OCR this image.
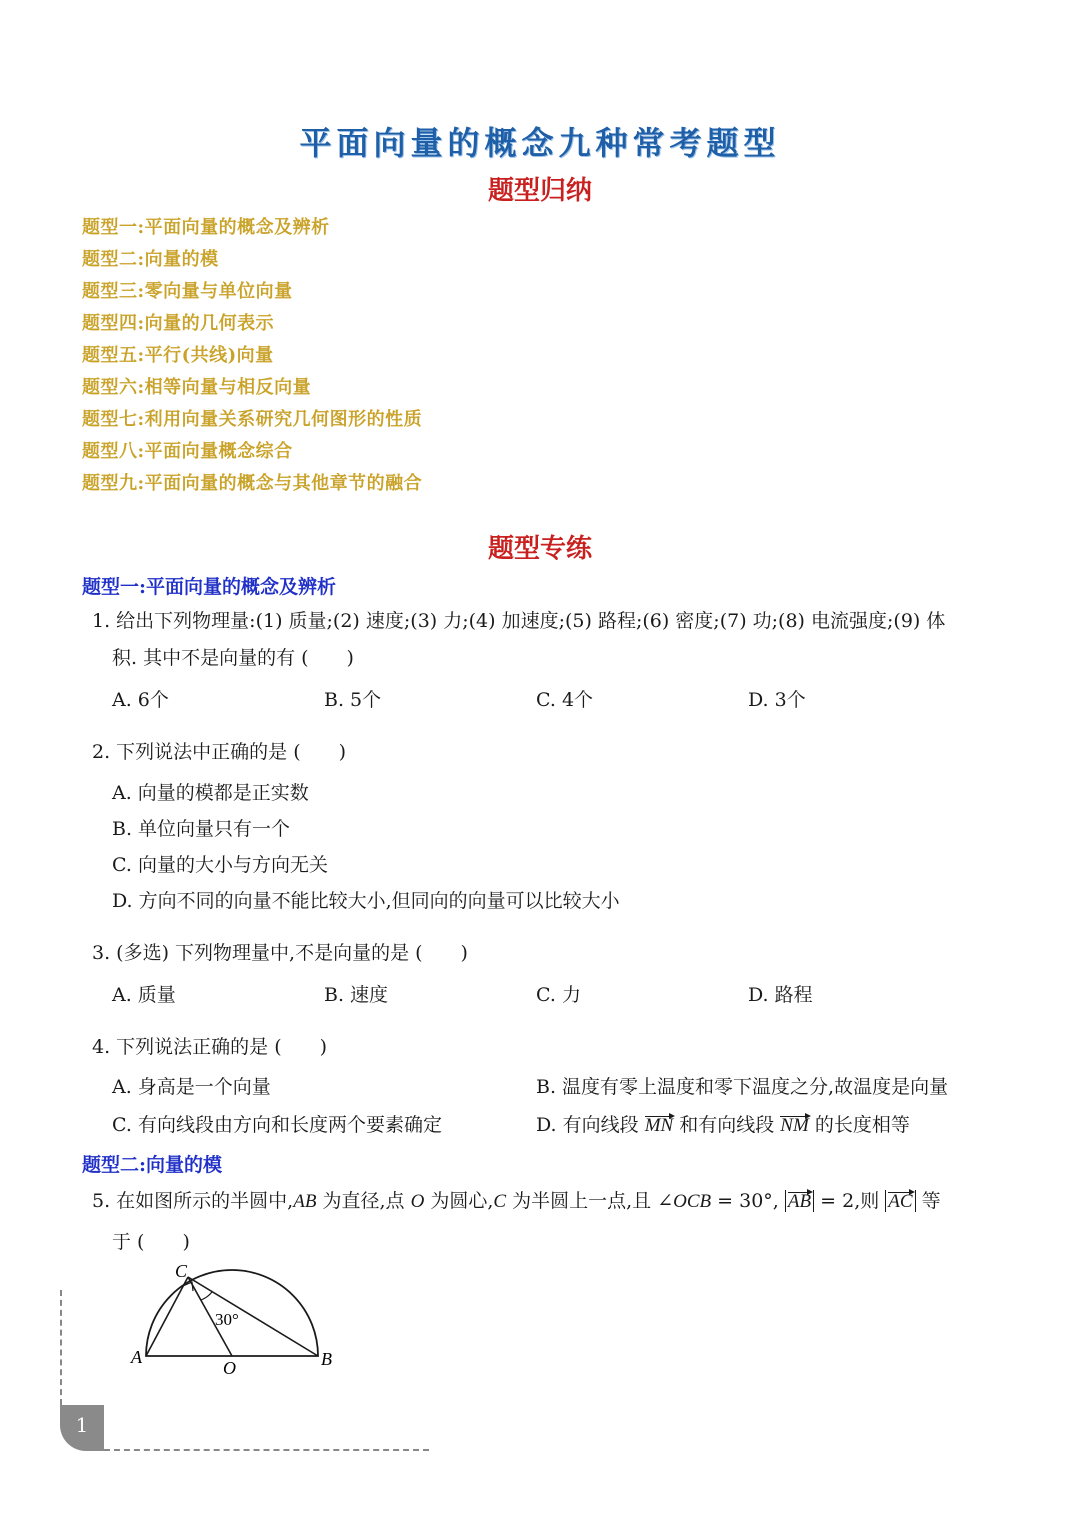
平面向量的概念九种常考题型
题型归纳
题型一:平面向量的概念及辨析
题型二:向量的模
题型三:零向量与单位向量
题型四:向量的几何表示
题型五:平行(共线)向量
题型六:相等向量与相反向量
题型七:利用向量关系研究几何图形的性质
题型八:平面向量概念综合
题型九:平面向量的概念与其他章节的融合
题型专练
题型一:平面向量的概念及辨析
1. 给出下列物理量:(1) 质量;(2) 速度;(3) 力;(4) 加速度;(5) 路程;(6) 密度;(7) 功;(8) 电流强度;(9) 体
积. 其中不是向量的有 (　　)
A. 6个	B. 5个	C. 4个	D. 3个
2. 下列说法中正确的是 (　　)
A. 向量的模都是正实数
B. 单位向量只有一个
C. 向量的大小与方向无关
D. 方向不同的向量不能比较大小,但同向的向量可以比较大小
3. (多选) 下列物理量中,不是向量的是 (　　)
A. 质量	B. 速度	C. 力	D. 路程
4. 下列说法正确的是 (　　)
A. 身高是一个向量	B. 温度有零上温度和零下温度之分,故温度是向量
C. 有向线段由方向和长度两个要素确定	D. 有向线段 MN 和有向线段 NM 的长度相等
题型二:向量的模
5. 在如图所示的半圆中,AB 为直径,点 O 为圆心,C 为半圆上一点,且 ∠OCB = 30°, AB = 2,则 AC 等
于 (　　)
C
A
O	B
30°
1
